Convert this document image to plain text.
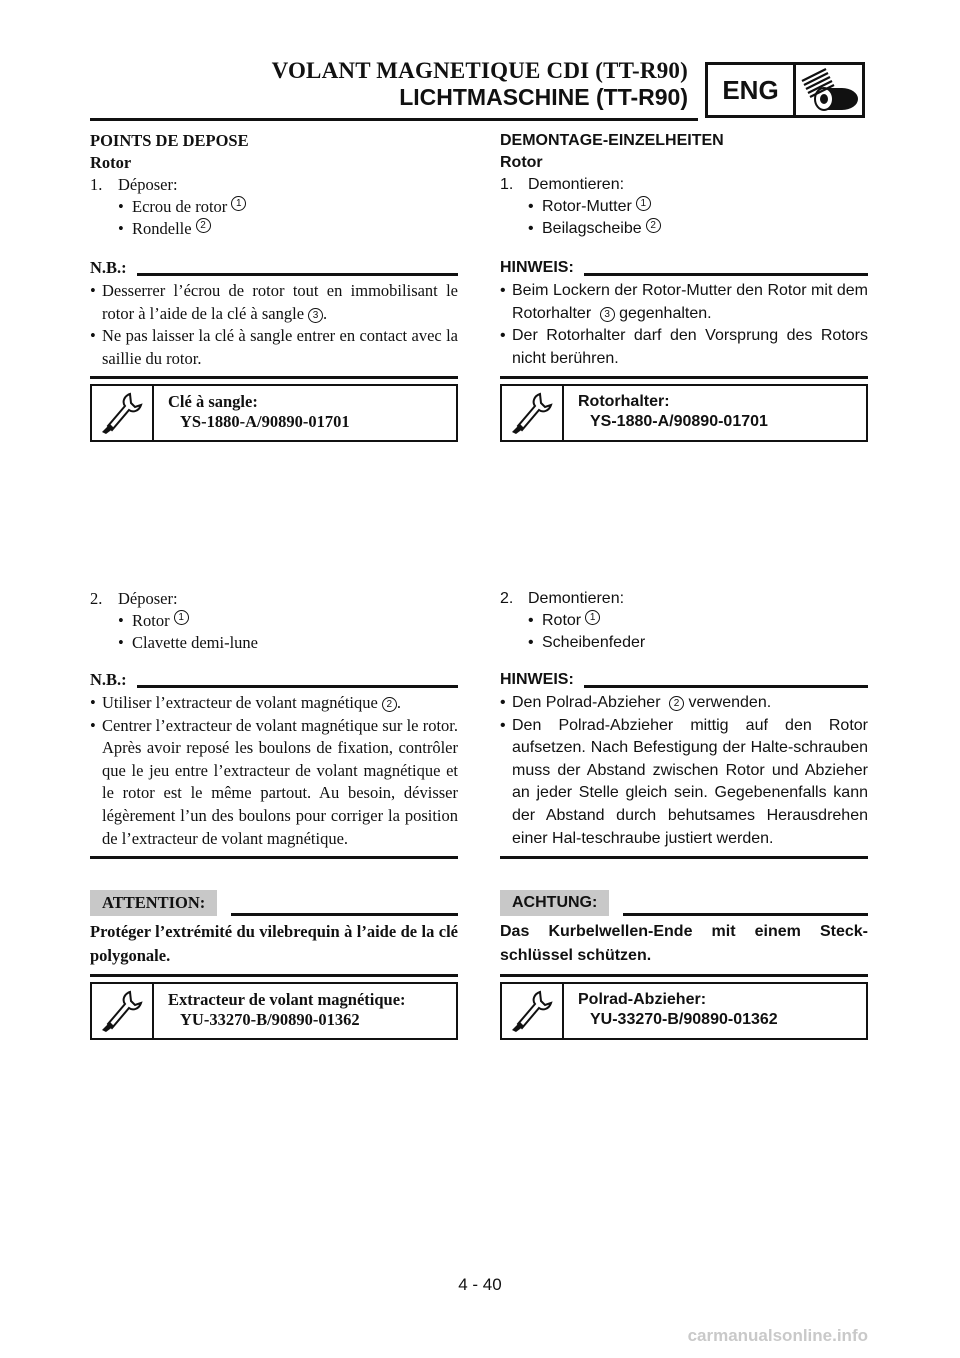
VOLANT MAGNETIQUE CDI (TT-R90)
LICHTMASCHINE (TT-R90)	ENG
POINTS DE DEPOSE
Rotor
1. Déposer:
• Ecrou de rotor 1
• Rondelle 2
N.B.:
• Desserrer l’écrou de rotor tout en immobilisant le rotor à l’aide de la clé à sangle 3 .
• Ne pas laisser la clé à sangle entrer en contact avec la saillie du rotor.
Clé à sangle:
YS-1880-A/90890-01701
2. Déposer:
• Rotor 1
• Clavette demi-lune
N.B.:
• Utiliser l’extracteur de volant magnétique 2 .
• Centrer l’extracteur de volant magnétique sur le rotor. Après avoir reposé les boulons de fixation, contrôler que le jeu entre l’extracteur de volant magnétique et le rotor est le même partout. Au besoin, dévisser légèrement l’un des boulons pour corriger la position de l’extracteur de volant magnétique.
ATTENTION:
Protéger l’extrémité du vilebrequin à l’aide de la clé polygonale.
Extracteur de volant magnétique:
YU-33270-B/90890-01362
DEMONTAGE-EINZELHEITEN
Rotor
1. Demontieren:
• Rotor-Mutter 1
• Beilagscheibe 2
HINWEIS:
• Beim Lockern der Rotor-Mutter den Rotor mit dem Rotorhalter 3 gegenhalten.
• Der Rotorhalter darf den Vorsprung des Rotors nicht berühren.
Rotorhalter:
YS-1880-A/90890-01701
2. Demontieren:
• Rotor 1
• Scheibenfeder
HINWEIS:
• Den Polrad-Abzieher 2 verwenden.
• Den Polrad-Abzieher mittig auf den Rotor aufsetzen. Nach Befestigung der Halte-schrauben muss der Abstand zwischen Rotor und Abzieher an jeder Stelle gleich sein. Gegebenenfalls kann der Abstand durch behutsames Herausdrehen einer Hal-teschraube justiert werden.
ACHTUNG:
Das Kurbelwellen-Ende mit einem Steck-schlüssel schützen.
Polrad-Abzieher:
YU-33270-B/90890-01362
4 - 40
carmanualsonline.info
